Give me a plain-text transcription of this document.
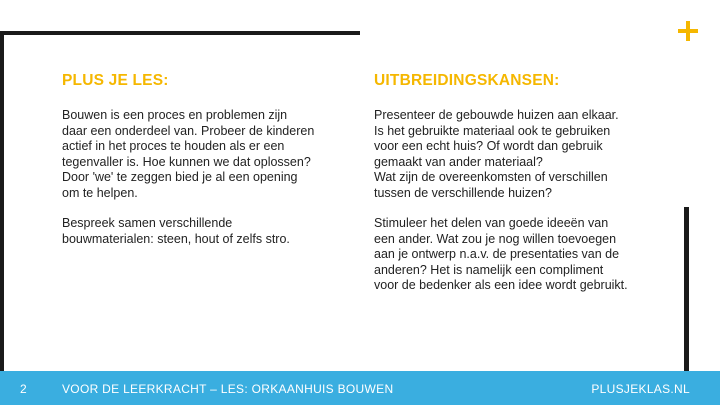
PLUS JE LES:

Bouwen is een proces en problemen zijn
daar een onderdeel van. Probeer de kinderen
actief in het proces te houden als er een
tegenvaller is. Hoe kunnen we dat oplossen?
Door 'we' te zeggen bied je al een opening
om te helpen.

Bespreek samen verschillende
bouwmaterialen: steen, hout of zelfs stro.

UITBREIDINGSKANSEN:

Presenteer de gebouwde huizen aan elkaar.
Is het gebruikte materiaal ook te gebruiken
voor een echt huis? Of wordt dan gebruik
gemaakt van ander materiaal?
Wat zijn de overeenkomsten of verschillen
tussen de verschillende huizen?

Stimuleer het delen van goede ideeën van
een ander. Wat zou je nog willen toevoegen
aan je ontwerp n.a.v. de presentaties van de
anderen? Het is namelijk een compliment
voor de bedenker als een idee wordt gebruikt.

2	VOOR DE LEERKRACHT – LES: ORKAANHUIS BOUWEN	PLUSJEKLAS.NL
